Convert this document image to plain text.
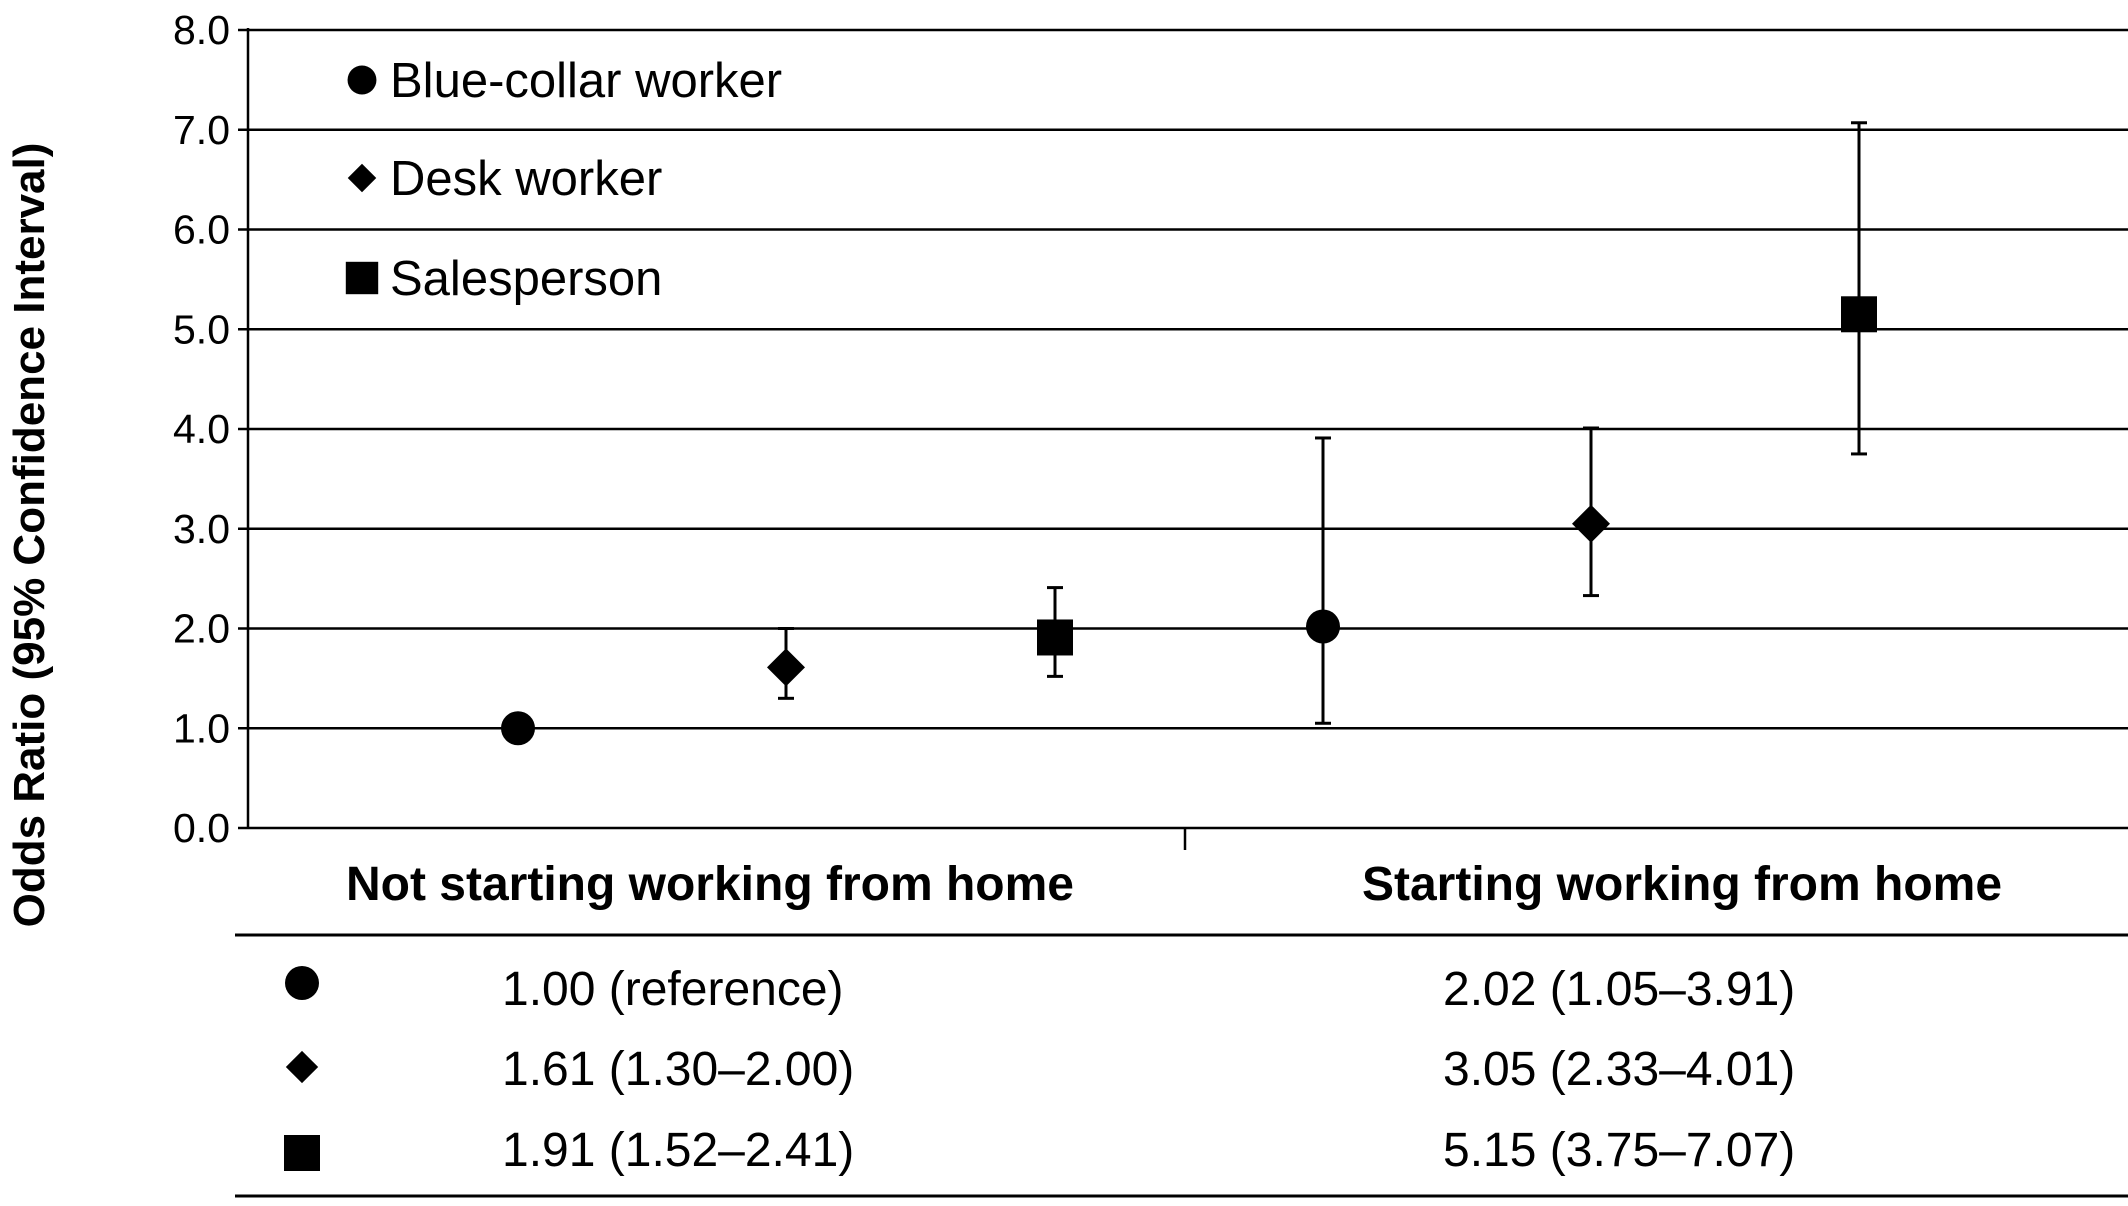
0.0
1.0
2.0
3.0
4.0
5.0
6.0
7.0
8.0
Odds Ratio (95% Confidence Interval)
Blue-collar worker
Desk worker
Salesperson
Not starting working from home	Starting working from home
1.00 (reference)	2.02 (1.05–3.91)
1.61 (1.30–2.00)	3.05 (2.33–4.01)
1.91 (1.52–2.41)	5.15 (3.75–7.07)
